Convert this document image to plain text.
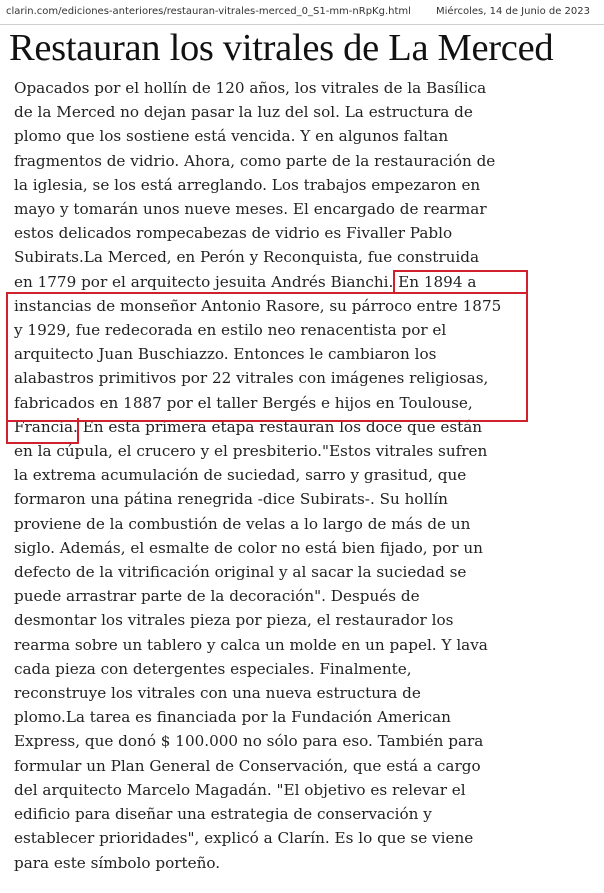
clarin.com/ediciones-anteriores/restauran-vitrales-merced_0_S1-mm-nRpKg.html	Miércoles, 14 de Junio de 2023
Restauran los vitrales de La Merced
Opacados por el hollín de 120 años, los vitrales de la Basílica
de la Merced no dejan pasar la luz del sol. La estructura de
plomo que los sostiene está vencida. Y en algunos faltan
fragmentos de vidrio. Ahora, como parte de la restauración de
la iglesia, se los está arreglando. Los trabajos empezaron en
mayo y tomarán unos nueve meses. El encargado de rearmar
estos delicados rompecabezas de vidrio es Fivaller Pablo
Subirats.La Merced, en Perón y Reconquista, fue construida
en 1779 por el arquitecto jesuita Andrés Bianchi. En 1894 a
instancias de monseñor Antonio Rasore, su párroco entre 1875
y 1929, fue redecorada en estilo neo renacentista por el
arquitecto Juan Buschiazzo. Entonces le cambiaron los
alabastros primitivos por 22 vitrales con imágenes religiosas,
fabricados en 1887 por el taller Bergés e hijos en Toulouse,
Francia. En esta primera etapa restauran los doce que están
en la cúpula, el crucero y el presbiterio."Estos vitrales sufren
la extrema acumulación de suciedad, sarro y grasitud, que
formaron una pátina renegrida -dice Subirats-. Su hollín
proviene de la combustión de velas a lo largo de más de un
siglo. Además, el esmalte de color no está bien fijado, por un
defecto de la vitrificación original y al sacar la suciedad se
puede arrastrar parte de la decoración". Después de
desmontar los vitrales pieza por pieza, el restaurador los
rearma sobre un tablero y calca un molde en un papel. Y lava
cada pieza con detergentes especiales. Finalmente,
reconstruye los vitrales con una nueva estructura de
plomo.La tarea es financiada por la Fundación American
Express, que donó $ 100.000 no sólo para eso. También para
formular un Plan General de Conservación, que está a cargo
del arquitecto Marcelo Magadán. "El objetivo es relevar el
edificio para diseñar una estrategia de conservación y
establecer prioridades", explicó a Clarín. Es lo que se viene
para este símbolo porteño.
